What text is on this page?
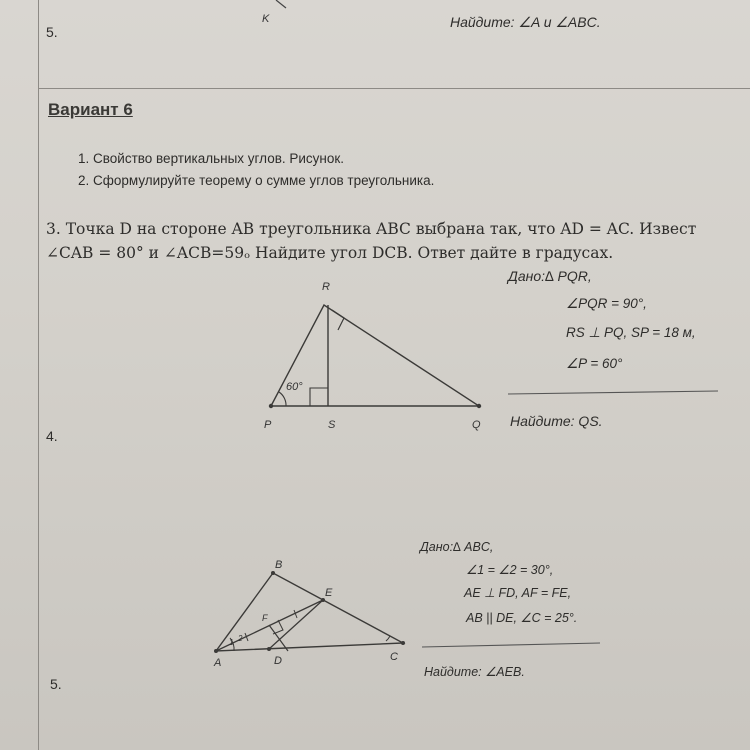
5.
Найдите: ∠A и ∠ABC.
Вариант 6
1. Свойство вертикальных углов. Рисунок.
2. Сформулируйте теорему о сумме углов треугольника.
3. Точка D на стороне AB треугольника ABC выбрана так, что AD = AC. Извест
∠CAB = 80° и ∠ACB=59ₒ Найдите угол DCB. Ответ дайте в градусах.
4.
Дано:∆ PQR,
∠PQR = 90°,
RS ⊥ PQ, SP = 18 м,
∠P = 60°
Найдите: QS.
5.
Дано:∆ ABC,
∠1 = ∠2 = 30°,
AE ⊥ FD, AF = FE,
AB || DE, ∠C = 25°.
Найдите: ∠AEB.
K
R
P	S	Q
60°
A
B
C
D
E
F
1 2
